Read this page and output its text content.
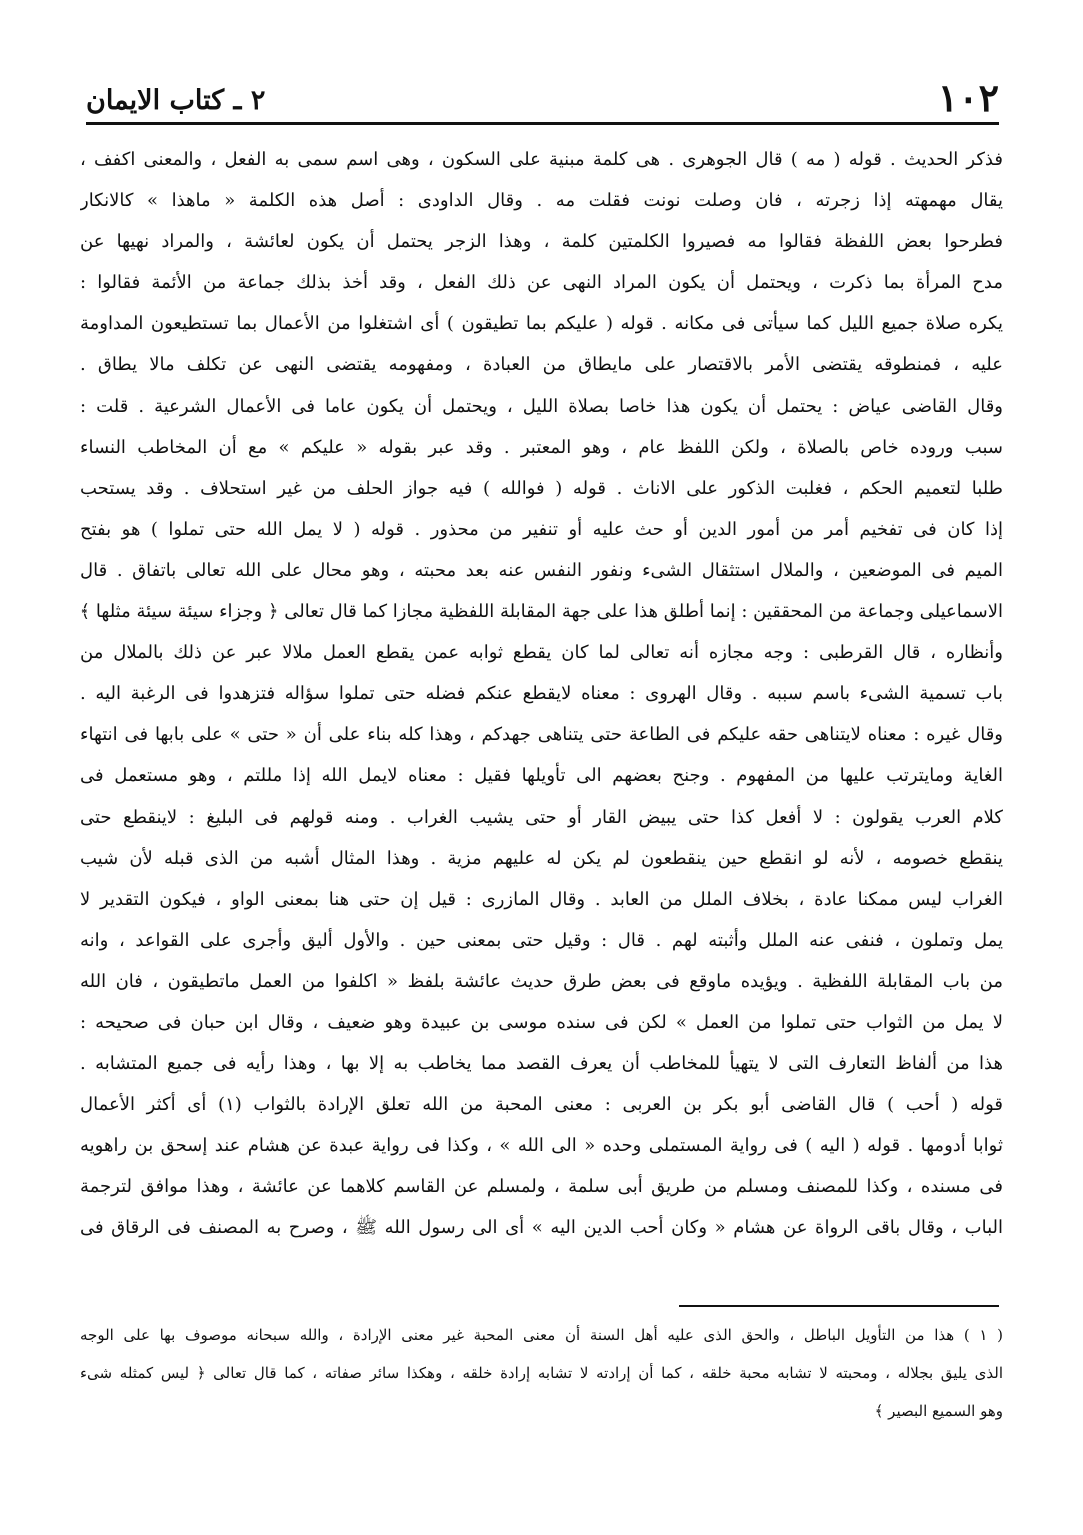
١٠٢
٢ ـ كتاب الايمان
فذكر الحديث . قوله ( مه ) قال الجوهرى . هى كلمة مبنية على السكون ، وهى اسم سمى به الفعل ، والمعنى اكفف ،
يقال مهمهته إذا زجرته ، فان وصلت نونت فقلت مه . وقال الداودى : أصل هذه الكلمة « ماهذا » كالانكار
فطرحوا بعض اللفظة فقالوا مه فصيروا الكلمتين كلمة ، وهذا الزجر يحتمل أن يكون لعائشة ، والمراد نهيها عن
مدح المرأة بما ذكرت ، ويحتمل أن يكون المراد النهى عن ذلك الفعل ، وقد أخذ بذلك جماعة من الأئمة فقالوا :
يكره صلاة جميع الليل كما سيأتى فى مكانه . قوله ( عليكم بما تطيقون ) أى اشتغلوا من الأعمال بما تستطيعون المداومة
عليه ، فمنطوقه يقتضى الأمر بالاقتصار على مايطاق من العبادة ، ومفهومه يقتضى النهى عن تكلف مالا يطاق .
وقال القاضى عياض : يحتمل أن يكون هذا خاصا بصلاة الليل ، ويحتمل أن يكون عاما فى الأعمال الشرعية . قلت :
سبب وروده خاص بالصلاة ، ولكن اللفظ عام ، وهو المعتبر . وقد عبر بقوله « عليكم » مع أن المخاطب النساء
طلبا لتعميم الحكم ، فغلبت الذكور على الاناث . قوله ( فوالله ) فيه جواز الحلف من غير استحلاف . وقد يستحب
إذا كان فى تفخيم أمر من أمور الدين أو حث عليه أو تنفير من محذور . قوله ( لا يمل الله حتى تملوا ) هو بفتح
الميم فى الموضعين ، والملال استثقال الشىء ونفور النفس عنه بعد محبته ، وهو محال على الله تعالى باتفاق . قال
الاسماعيلى وجماعة من المحققين : إنما أطلق هذا على جهة المقابلة اللفظية مجازا كما قال تعالى ﴿ وجزاء سيئة سيئة مثلها ﴾
وأنظاره ، قال القرطبى : وجه مجازه أنه تعالى لما كان يقطع ثوابه عمن يقطع العمل ملالا عبر عن ذلك بالملال من
باب تسمية الشىء باسم سببه . وقال الهروى : معناه لايقطع عنكم فضله حتى تملوا سؤاله فتزهدوا فى الرغبة اليه .
وقال غيره : معناه لايتناهى حقه عليكم فى الطاعة حتى يتناهى جهدكم ، وهذا كله بناء على أن « حتى » على بابها فى انتهاء
الغاية ومايترتب عليها من المفهوم . وجنح بعضهم الى تأويلها فقيل : معناه لايمل الله إذا مللتم ، وهو مستعمل فى
كلام العرب يقولون : لا أفعل كذا حتى يبيض القار أو حتى يشيب الغراب . ومنه قولهم فى البليغ : لاينقطع حتى
ينقطع خصومه ، لأنه لو انقطع حين ينقطعون لم يكن له عليهم مزية . وهذا المثال أشبه من الذى قبله لأن شيب
الغراب ليس ممكنا عادة ، بخلاف الملل من العابد . وقال المازرى : قيل إن حتى هنا بمعنى الواو ، فيكون التقدير لا
يمل وتملون ، فنفى عنه الملل وأثبته لهم . قال : وقيل حتى بمعنى حين . والأول أليق وأجرى على القواعد ، وانه
من باب المقابلة اللفظية . ويؤيده ماوقع فى بعض طرق حديث عائشة بلفظ « اكلفوا من العمل ماتطيقون ، فان الله
لا يمل من الثواب حتى تملوا من العمل » لكن فى سنده موسى بن عبيدة وهو ضعيف ، وقال ابن حبان فى صحيحه :
هذا من ألفاظ التعارف التى لا يتهيأ للمخاطب أن يعرف القصد مما يخاطب به إلا بها ، وهذا رأيه فى جميع المتشابه .
قوله ( أحب ) قال القاضى أبو بكر بن العربى : معنى المحبة من الله تعلق الإرادة بالثواب (١) أى أكثر الأعمال
ثوابا أدومها . قوله ( اليه ) فى رواية المستملى وحده « الى الله » ، وكذا فى رواية عبدة عن هشام عند إسحق بن راهويه
فى مسنده ، وكذا للمصنف ومسلم من طريق أبى سلمة ، ولمسلم عن القاسم كلاهما عن عائشة ، وهذا موافق لترجمة
الباب ، وقال باقى الرواة عن هشام « وكان أحب الدين اليه » أى الى رسول الله ﷺ ، وصرح به المصنف فى الرقاق فى
( ١ ) هذا من التأويل الباطل ، والحق الذى عليه أهل السنة أن معنى المحبة غير معنى الإرادة ، والله سبحانه موصوف بها على الوجه
الذى يليق بجلاله ، ومحبته لا تشابه محبة خلقه ، كما أن إرادته لا تشابه إرادة خلقه ، وهكذا سائر صفاته ، كما قال تعالى ﴿ ليس كمثله شىء
وهو السميع البصير ﴾
